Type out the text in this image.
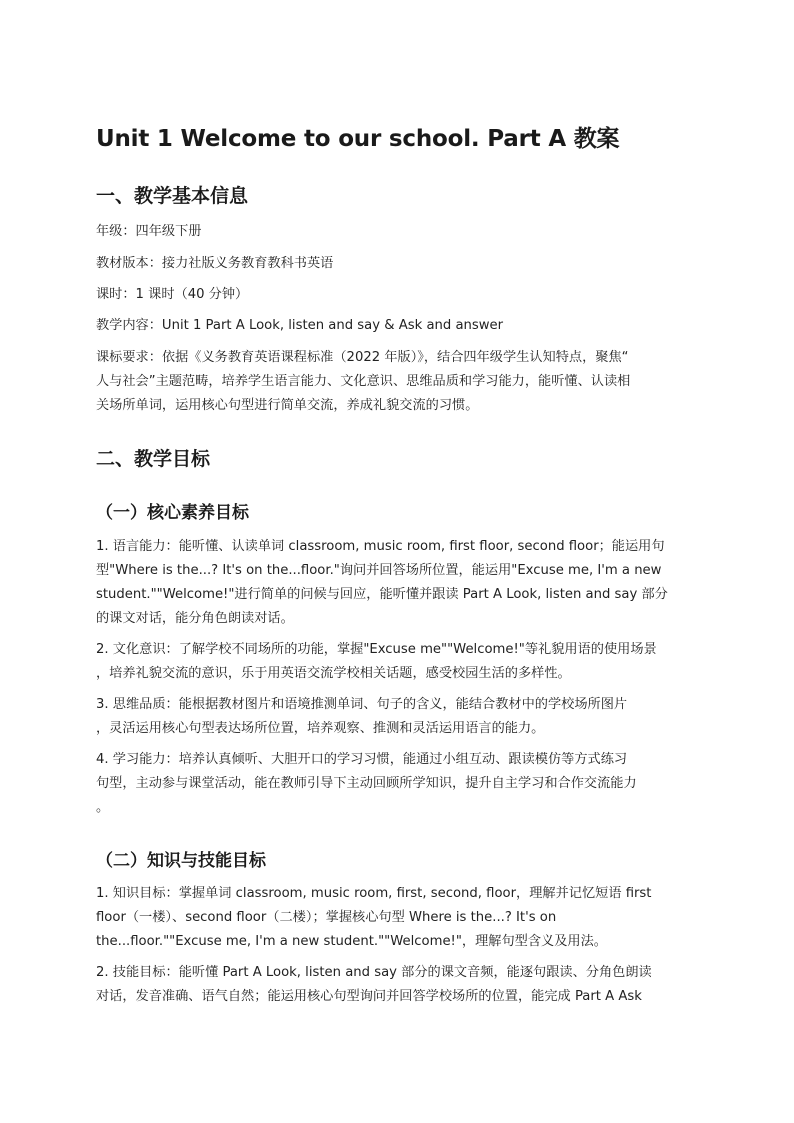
Unit 1 Welcome to our school. Part A 教案
一、教学基本信息
年级：四年级下册
教材版本：接力社版义务教育教科书英语
课时：1 课时（40 分钟）
教学内容：Unit 1 Part A Look, listen and say & Ask and answer
课标要求：依据《义务教育英语课程标准（2022 年版）》，结合四年级学生认知特点，聚焦“
人与社会”主题范畴，培养学生语言能力、文化意识、思维品质和学习能力，能听懂、认读相
关场所单词，运用核心句型进行简单交流，养成礼貌交流的习惯。
二、教学目标
（一）核心素养目标
1. 语言能力：能听懂、认读单词 classroom, music room, first floor, second floor；能运用句
型"Where is the...? It's on the...floor."询问并回答场所位置，能运用"Excuse me, I'm a new
student.""Welcome!"进行简单的问候与回应，能听懂并跟读 Part A Look, listen and say 部分
的课文对话，能分角色朗读对话。
2. 文化意识：了解学校不同场所的功能，掌握"Excuse me""Welcome!"等礼貌用语的使用场景
，培养礼貌交流的意识，乐于用英语交流学校相关话题，感受校园生活的多样性。
3. 思维品质：能根据教材图片和语境推测单词、句子的含义，能结合教材中的学校场所图片
，灵活运用核心句型表达场所位置，培养观察、推测和灵活运用语言的能力。
4. 学习能力：培养认真倾听、大胆开口的学习习惯，能通过小组互动、跟读模仿等方式练习
句型，主动参与课堂活动，能在教师引导下主动回顾所学知识，提升自主学习和合作交流能力
。
（二）知识与技能目标
1. 知识目标：掌握单词 classroom, music room, first, second, floor，理解并记忆短语 first
floor（一楼）、second floor（二楼）；掌握核心句型 Where is the...? It's on
the...floor.""Excuse me, I'm a new student.""Welcome!"，理解句型含义及用法。
2. 技能目标：能听懂 Part A Look, listen and say 部分的课文音频，能逐句跟读、分角色朗读
对话，发音准确、语气自然；能运用核心句型询问并回答学校场所的位置，能完成 Part A Ask
